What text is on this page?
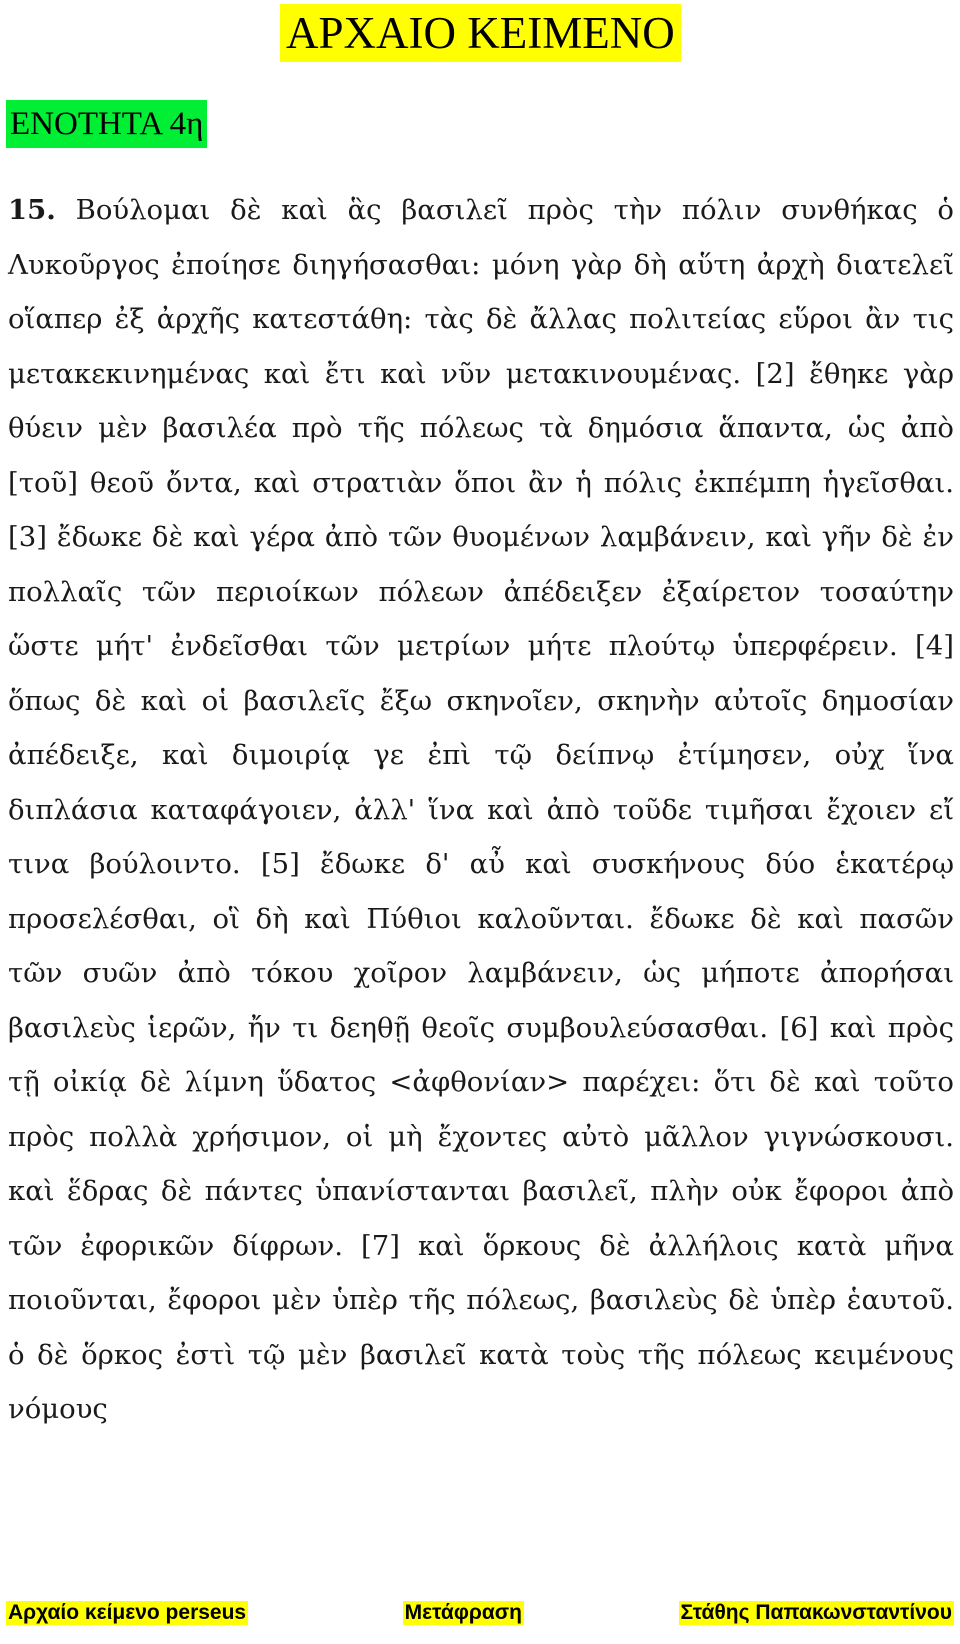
ΑΡΧΑΙΟ ΚΕΙΜΕΝΟ
ΕΝΟΤΗΤΑ 4η

15. Βούλομαι δὲ καὶ ἃς βασιλεῖ πρὸς τὴν πόλιν συνθήκας ὁ Λυκοῦργος ἐποίησε διηγήσασθαι: μόνη γὰρ δὴ αὕτη ἀρχὴ διατελεῖ οἵαπερ ἐξ ἀρχῆς κατεστάθη: τὰς δὲ ἄλλας πολιτείας εὕροι ἂν τις μετακεκινημένας καὶ ἔτι καὶ νῦν μετακινουμένας. [2] ἔθηκε γὰρ θύειν μὲν βασιλέα πρὸ τῆς πόλεως τὰ δημόσια ἅπαντα, ὡς ἀπὸ [τοῦ] θεοῦ ὄντα, καὶ στρατιὰν ὅποι ἂν ἡ πόλις ἐκπέμπη ἡγεῖσθαι. [3] ἔδωκε δὲ καὶ γέρα ἀπὸ τῶν θυομένων λαμβάνειν, καὶ γῆν δὲ ἐν πολλαῖς τῶν περιοίκων πόλεων ἀπέδειξεν ἐξαίρετον τοσαύτην ὥστε μήτ' ἐνδεῖσθαι τῶν μετρίων μήτε πλούτῳ ὑπερφέρειν. [4] ὅπως δὲ καὶ οἱ βασιλεῖς ἔξω σκηνοῖεν, σκηνὴν αὐτοῖς δημοσίαν ἀπέδειξε, καὶ διμοιρίᾳ γε ἐπὶ τῷ δείπνῳ ἐτίμησεν, οὐχ ἵνα διπλάσια καταφάγοιεν, ἀλλ' ἵνα καὶ ἀπὸ τοῦδε τιμῆσαι ἔχοιεν εἴ τινα βούλοιντο. [5] ἔδωκε δ' αὖ καὶ συσκήνους δύο ἑκατέρῳ προσελέσθαι, οἳ δὴ καὶ Πύθιοι καλοῦνται. ἔδωκε δὲ καὶ πασῶν τῶν συῶν ἀπὸ τόκου χοῖρον λαμβάνειν, ὡς μήποτε ἀπορήσαι βασιλεὺς ἱερῶν, ἤν τι δεηθῇ θεοῖς συμβουλεύσασθαι. [6] καὶ πρὸς τῇ οἰκίᾳ δὲ λίμνη ὕδατος <ἀφθονίαν> παρέχει: ὅτι δὲ καὶ τοῦτο πρὸς πολλὰ χρήσιμον, οἱ μὴ ἔχοντες αὐτὸ μᾶλλον γιγνώσκουσι. καὶ ἕδρας δὲ πάντες ὑπανίστανται βασιλεῖ, πλὴν οὐκ ἔφοροι ἀπὸ τῶν ἐφορικῶν δίφρων. [7] καὶ ὅρκους δὲ ἀλλήλοις κατὰ μῆνα ποιοῦνται, ἔφοροι μὲν ὑπὲρ τῆς πόλεως, βασιλεὺς δὲ ὑπὲρ ἑαυτοῦ. ὁ δὲ ὅρκος ἐστὶ τῷ μὲν βασιλεῖ κατὰ τοὺς τῆς πόλεως κειμένους νόμους

Αρχαίο κείμενο perseus	Μετάφραση	Στάθης Παπακωνσταντίνου
